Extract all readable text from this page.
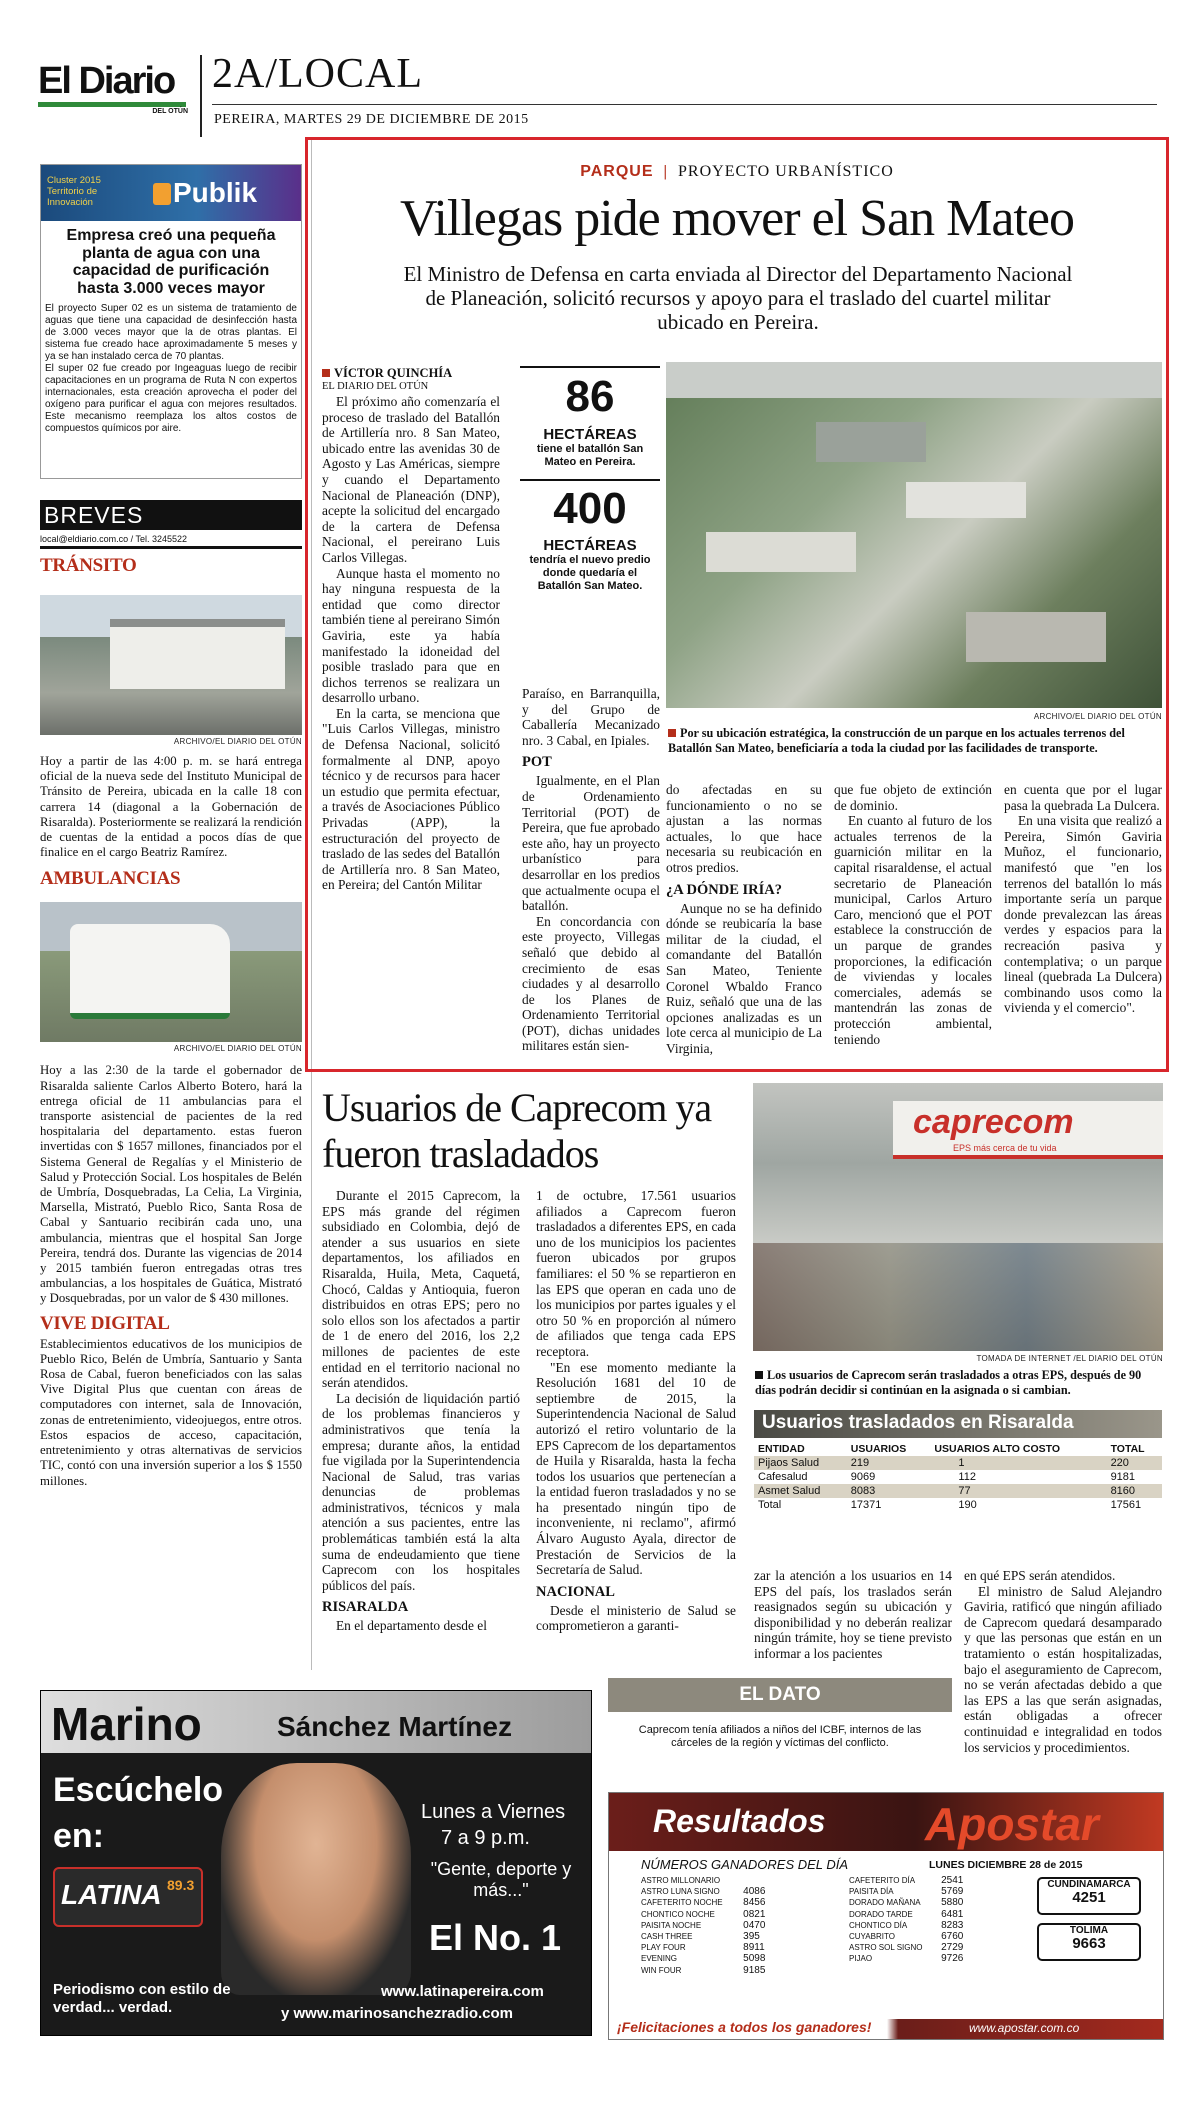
El Diario
DEL OTÚN
2A/LOCAL
PEREIRA, MARTES 29 DE DICIEMBRE DE 2015
Cluster 2015 Territorio de Innovación	Publik
Empresa creó una pequeña planta de agua con una capacidad de purificación hasta 3.000 veces mayor
El proyecto Super 02 es un sistema de tratamiento de aguas que tiene una capacidad de desinfección hasta de 3.000 veces mayor que la de otras plantas. El sistema fue creado hace aproximadamente 5 meses y ya se han instalado cerca de 70 plantas.
El super 02 fue creado por Ingeaguas luego de recibir capacitaciones en un programa de Ruta N con expertos internacionales, esta creación aprovecha el poder del oxígeno para purificar el agua con mejores resultados. Este mecanismo reemplaza los altos costos de compuestos químicos por aire.
BREVES
local@eldiario.com.co / Tel. 3245522
TRÁNSITO
ARCHIVO/EL DIARIO DEL OTÚN
Hoy a partir de las 4:00 p. m. se hará entrega oficial de la nueva sede del Instituto Municipal de Tránsito de Pereira, ubicada en la calle 18 con carrera 14 (diagonal a la Gobernación de Risaralda). Posteriormente se realizará la rendición de cuentas de la entidad a pocos días de que finalice en el cargo Beatriz Ramírez.
AMBULANCIAS
ARCHIVO/EL DIARIO DEL OTÚN
Hoy a las 2:30 de la tarde el gobernador de Risaralda saliente Carlos Alberto Botero, hará la entrega oficial de 11 ambulancias para el transporte asistencial de pacientes de la red hospitalaria del departamento. estas fueron invertidas con $ 1657 millones, financiados por el Sistema General de Regalías y el Ministerio de Salud y Protección Social. Los hospitales de Belén de Umbría, Dosquebradas, La Celia, La Virginia, Marsella, Mistrató, Pueblo Rico, Santa Rosa de Cabal y Santuario recibirán cada uno, una ambulancia, mientras que el hospital San Jorge Pereira, tendrá dos. Durante las vigencias de 2014 y 2015 también fueron entregadas otras tres ambulancias, a los hospitales de Guática, Mistrató y Dosquebradas, por un valor de $ 430 millones.
VIVE DIGITAL
Establecimientos educativos de los municipios de Pueblo Rico, Belén de Umbría, Santuario y Santa Rosa de Cabal, fueron beneficiados con las salas Vive Digital Plus que cuentan con áreas de computadores con internet, sala de Innovación, zonas de entretenimiento, videojuegos, entre otros. Estos espacios de acceso, capacitación, entretenimiento y otras alternativas de servicios TIC, contó con una inversión superior a los $ 1550 millones.
PARQUE  |  PROYECTO URBANÍSTICO
Villegas pide mover el San Mateo
El Ministro de Defensa en carta enviada al Director del Departamento Nacional de Planeación, solicitó recursos y apoyo para el traslado del cuartel militar ubicado en Pereira.
VÍCTOR QUINCHÍA
EL DIARIO DEL OTÚN

El próximo año comenzaría el proceso de traslado del Batallón de Artillería nro. 8 San Mateo, ubicado entre las avenidas 30 de Agosto y Las Américas, siempre y cuando el Departamento Nacional de Planeación (DNP), acepte la solicitud del encargado de la cartera de Defensa Nacional, el pereirano Luis Carlos Villegas.

Aunque hasta el momento no hay ninguna respuesta de la entidad que como director también tiene al pereirano Simón Gaviria, este ya había manifestado la idoneidad del posible traslado para que en dichos terrenos se realizara un desarrollo urbano.

En la carta, se menciona que "Luis Carlos Villegas, ministro de Defensa Nacional, solicitó formalmente al DNP, apoyo técnico y de recursos para hacer un estudio que permita efectuar, a través de Asociaciones Público Privadas (APP), la estructuración del proyecto de traslado de las sedes del Batallón de Artillería nro. 8 San Mateo, en Pereira; del Cantón Militar

86
HECTÁREAS
tiene el batallón San Mateo en Pereira.
400
HECTÁREAS
tendría el nuevo predio donde quedaría el Batallón San Mateo.
ARCHIVO/EL DIARIO DEL OTÚN
Por su ubicación estratégica, la construcción de un parque en los actuales terrenos del Batallón San Mateo, beneficiaría a toda la ciudad por las facilidades de transporte.

Paraíso, en Barranquilla, y del Grupo de Caballería Mecanizado nro. 3 Cabal, en Ipiales.

POT

Igualmente, en el Plan de Ordenamiento Territorial (POT) de Pereira, que fue aprobado este año, hay un proyecto urbanístico para desarrollar en los predios que actualmente ocupa el batallón.

En concordancia con este proyecto, Villegas señaló que debido al crecimiento de esas ciudades y al desarrollo de los Planes de Ordenamiento Territorial (POT), dichas unidades militares están sien-

do afectadas en su funcionamiento o no se ajustan a las normas actuales, lo que hace necesaria su reubicación en otros predios.

¿A DÓNDE IRÍA?

Aunque no se ha definido dónde se reubicaría la base militar de la ciudad, el comandante del Batallón San Mateo, Teniente Coronel Wbaldo Franco Ruiz, señaló que una de las opciones analizadas es un lote cerca al municipio de La Virginia,

que fue objeto de extinción de dominio.

En cuanto al futuro de los actuales terrenos de la guarnición militar en la capital risaraldense, el actual secretario de Planeación municipal, Carlos Arturo Caro, mencionó que el POT establece la construcción de un parque de grandes proporciones, la edificación de viviendas y locales comerciales, además se mantendrán las zonas de protección ambiental, teniendo

en cuenta que por el lugar pasa la quebrada La Dulcera.

En una visita que realizó a Pereira, Simón Gaviria Muñoz, el funcionario, manifestó que "en los terrenos del batallón lo más importante sería un parque donde prevalezcan las áreas verdes y espacios para la recreación pasiva y contemplativa; o un parque lineal (quebrada La Dulcera) combinando usos como la vivienda y el comercio".

Usuarios de Caprecom ya fueron trasladados
caprecom
EPS más cerca de tu vida
TOMADA DE INTERNET /EL DIARIO DEL OTÚN
Los usuarios de Caprecom serán trasladados a otras EPS, después de 90 días podrán decidir si continúan en la asignada o si cambian.

Durante el 2015 Caprecom, la EPS más grande del régimen subsidiado en Colombia, dejó de atender a sus usuarios en siete departamentos, los afiliados en Risaralda, Huila, Meta, Caquetá, Chocó, Caldas y Antioquia, fueron distribuidos en otras EPS; pero no solo ellos son los afectados a partir de 1 de enero del 2016, los 2,2 millones de pacientes de este entidad en el territorio nacional no serán atendidos.

La decisión de liquidación partió de los problemas financieros y administrativos que tenía la empresa; durante años, la entidad fue vigilada por la Superintendencia Nacional de Salud, tras varias denuncias de problemas administrativos, técnicos y mala atención a sus pacientes, entre las problemáticas también está la alta suma de endeudamiento que tiene Caprecom con los hospitales públicos del país.

RISARALDA

En el departamento desde el

1 de octubre, 17.561 usuarios afiliados a Caprecom fueron trasladados a diferentes EPS, en cada uno de los municipios los pacientes fueron ubicados por grupos familiares: el 50 % se repartieron en las EPS que operan en cada uno de los municipios por partes iguales y el otro 50 % en proporción al número de afiliados que tenga cada EPS receptora.

"En ese momento mediante la Resolución 1681 del 10 de septiembre de 2015, la Superintendencia Nacional de Salud autorizó el retiro voluntario de la EPS Caprecom de los departamentos de Huila y Risaralda, hasta la fecha todos los usuarios que pertenecían a la entidad fueron trasladados y no se ha presentado ningún tipo de inconveniente, ni reclamo", afirmó Álvaro Augusto Ayala, director de Prestación de Servicios de la Secretaría de Salud.

NACIONAL

Desde el ministerio de Salud se comprometieron a garanti-

Usuarios trasladados en Risaralda
ENTIDAD	USUARIOS	USUARIOS ALTO COSTO	TOTAL
Pijaos Salud	219	1	220
Cafesalud	9069	112	9181
Asmet Salud	8083	77	8160
Total	17371	190	17561

zar la atención a los usuarios en 14 EPS del país, los traslados serán reasignados según su ubicación y disponibilidad y no deberán realizar ningún trámite, hoy se tiene previsto informar a los pacientes

en qué EPS serán atendidos.

El ministro de Salud Alejandro Gaviria, ratificó que ningún afiliado de Caprecom quedará desamparado y que las personas que están en un tratamiento o están hospitalizadas, bajo el aseguramiento de Caprecom, no se verán afectadas debido a que las EPS a las que serán asignadas, están obligadas a ofrecer continuidad e integralidad en todos los servicios y procedimientos.

EL DATO
Caprecom tenía afiliados a niños del ICBF, internos de las cárceles de la región y víctimas del conflicto.
Marino	Sánchez Martínez
Escúchelo
en:
LATINA 89.3
Lunes a Viernes
7 a 9 p.m.
"Gente, deporte y más..."
El No. 1
Periodismo con estilo de verdad... verdad.
www.latinapereira.com
y www.marinosanchezradio.com
Resultados Apostar
NÚMEROS GANADORES DEL DÍA	LUNES DICIEMBRE 28 de 2015
ASTRO MILLONARIO	
ASTRO LUNA SIGNO	4086
CAFETERITO NOCHE	8456
CHONTICO NOCHE	0821
PAISITA NOCHE	0470
CASH THREE	395
PLAY FOUR	8911
EVENING	5098
WIN FOUR	9185
CAFETERITO DÍA	2541
PAISITA DÍA	5769
DORADO MAÑANA	5880
DORADO TARDE	6481
CHONTICO DÍA	8283
CUYABRITO	6760
ASTRO SOL SIGNO	2729
PIJAO	9726
CUNDINAMARCA
4251
TOLIMA
9663
¡Felicitaciones a todos los ganadores!	www.apostar.com.co
